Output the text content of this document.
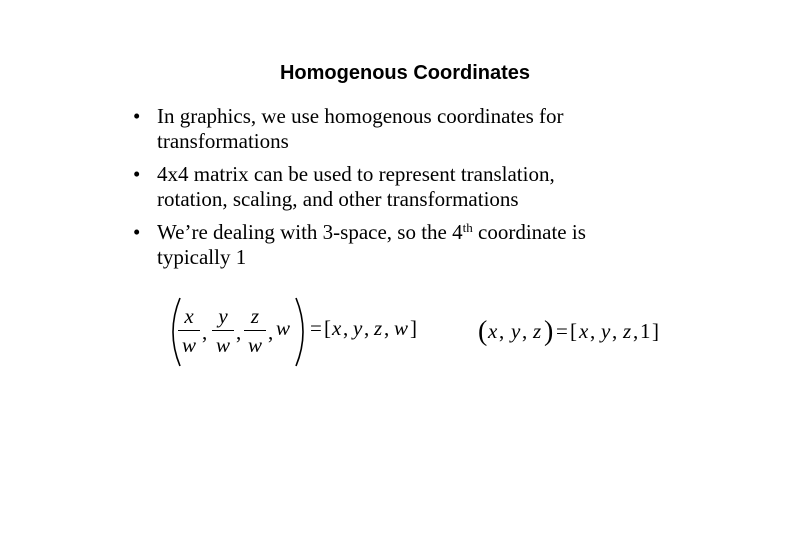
Homogenous Coordinates
• In graphics, we use homogenous coordinates for
transformations
• 4x4 matrix can be used to represent translation,
rotation, scaling, and other transformations
• We’re dealing with 3-space, so the 4th coordinate is
typically 1
x
w
,
y
w
,
z
w
, w = [ x , y , z , w ] ( x , y , z ) = [ x , y , z , 1 ]
